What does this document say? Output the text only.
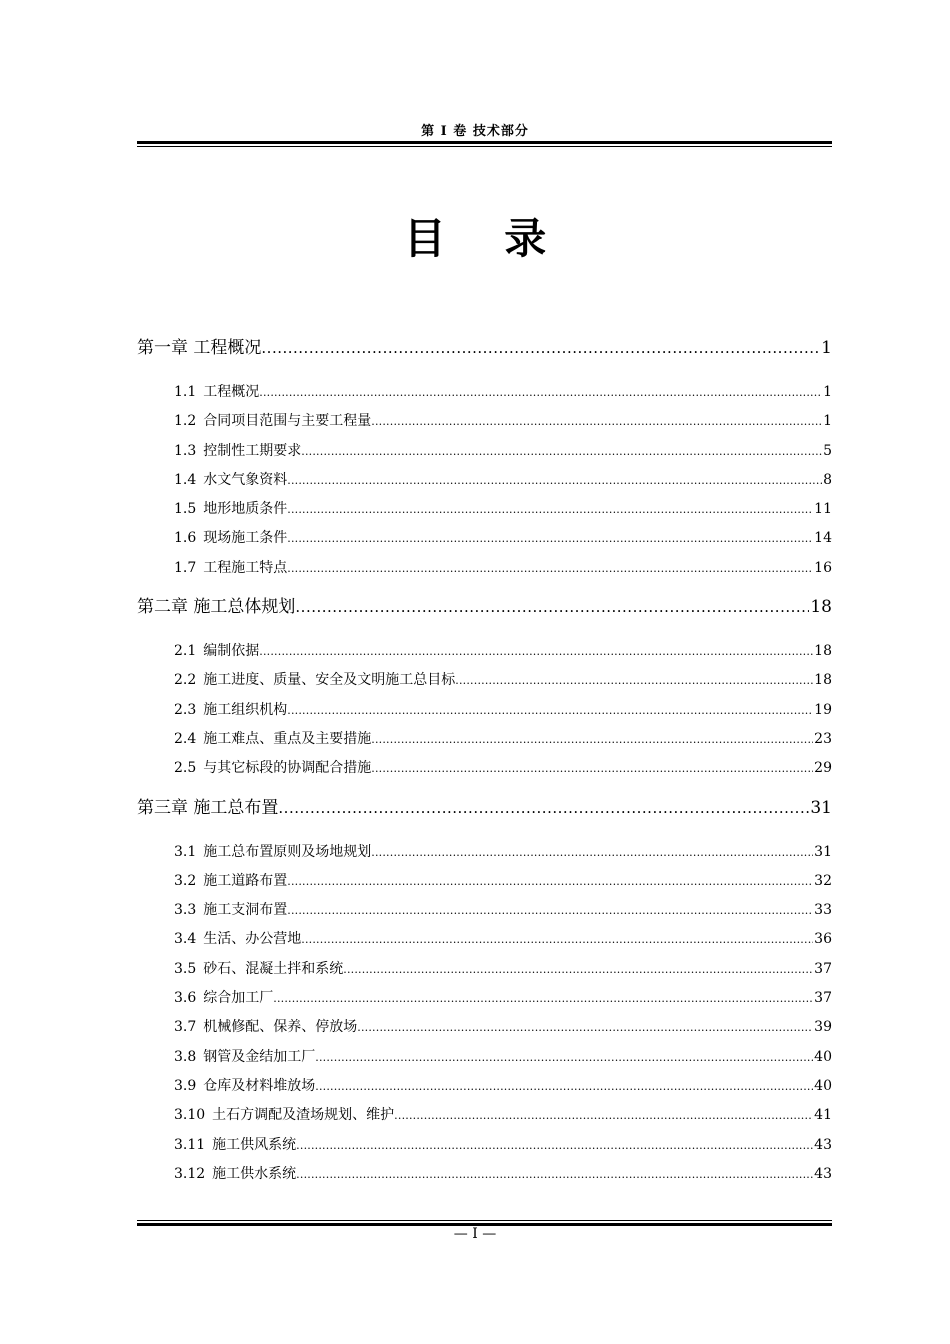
第 I 卷 技术部分
目 录
第一章 工程概况 .....	1
1.1 工程概况 .....	1
1.2 合同项目范围与主要工程量 .....	1
1.3 控制性工期要求 .....	5
1.4 水文气象资料 .....	8
1.5 地形地质条件 .....	11
1.6 现场施工条件 .....	14
1.7 工程施工特点 .....	16
第二章 施工总体规划 .....	18
2.1 编制依据 .....	18
2.2 施工进度、质量、安全及文明施工总目标 .....	18
2.3 施工组织机构 .....	19
2.4 施工难点、重点及主要措施 .....	23
2.5 与其它标段的协调配合措施 .....	29
第三章 施工总布置 .....	31
3.1 施工总布置原则及场地规划 .....	31
3.2 施工道路布置 .....	32
3.3 施工支洞布置 .....	33
3.4 生活、办公营地 .....	36
3.5 砂石、混凝土拌和系统 .....	37
3.6 综合加工厂 .....	37
3.7 机械修配、保养、停放场 .....	39
3.8 钢管及金结加工厂 .....	40
3.9 仓库及材料堆放场 .....	40
3.10 土石方调配及渣场规划、维护 .....	41
3.11 施工供风系统 .....	43
3.12 施工供水系统 .....	43
— I —
